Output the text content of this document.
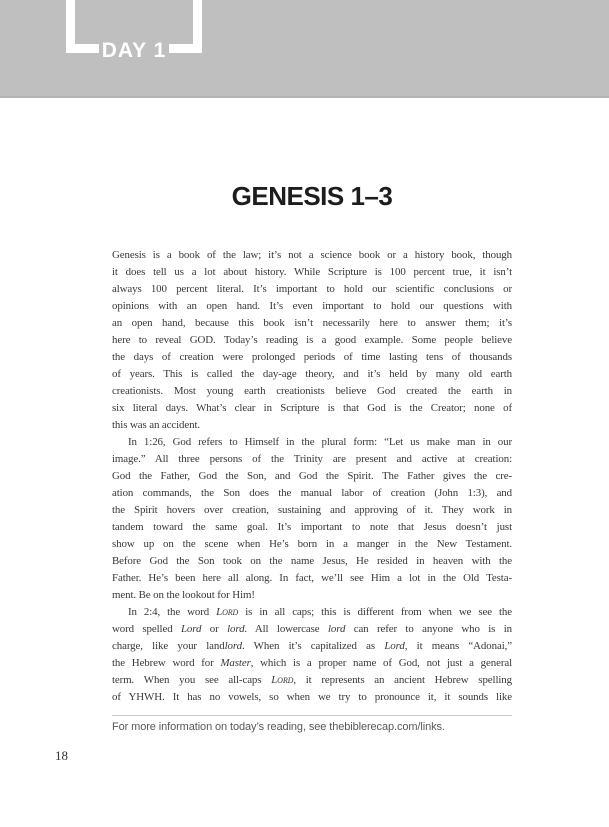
DAY 1
GENESIS 1–3
Genesis is a book of the law; it’s not a science book or a history book, though
it does tell us a lot about history. While Scripture is 100 percent true, it isn’t
always 100 percent literal. It’s important to hold our scientific conclusions or
opinions with an open hand. It’s even important to hold our questions with
an open hand, because this book isn’t necessarily here to answer them; it’s
here to reveal GOD. Today’s reading is a good example. Some people believe
the days of creation were prolonged periods of time lasting tens of thousands
of years. This is called the day-age theory, and it’s held by many old earth
creationists. Most young earth creationists believe God created the earth in
six literal days. What’s clear in Scripture is that God is the Creator; none of
this was an accident.
In 1:26, God refers to Himself in the plural form: “Let us make man in our
image.” All three persons of the Trinity are present and active at creation:
God the Father, God the Son, and God the Spirit. The Father gives the cre-
ation commands, the Son does the manual labor of creation (John 1:3), and
the Spirit hovers over creation, sustaining and approving of it. They work in
tandem toward the same goal. It’s important to note that Jesus doesn’t just
show up on the scene when He’s born in a manger in the New Testament.
Before God the Son took on the name Jesus, He resided in heaven with the
Father. He’s been here all along. In fact, we’ll see Him a lot in the Old Testa-
ment. Be on the lookout for Him!
In 2:4, the word Lord is in all caps; this is different from when we see the
word spelled Lord or lord. All lowercase lord can refer to anyone who is in
charge, like your landlord. When it’s capitalized as Lord, it means “Adonai,”
the Hebrew word for Master, which is a proper name of God, not just a general
term. When you see all-caps Lord, it represents an ancient Hebrew spelling
of YHWH. It has no vowels, so when we try to pronounce it, it sounds like
For more information on today’s reading, see thebiblerecap.com/links.
18
